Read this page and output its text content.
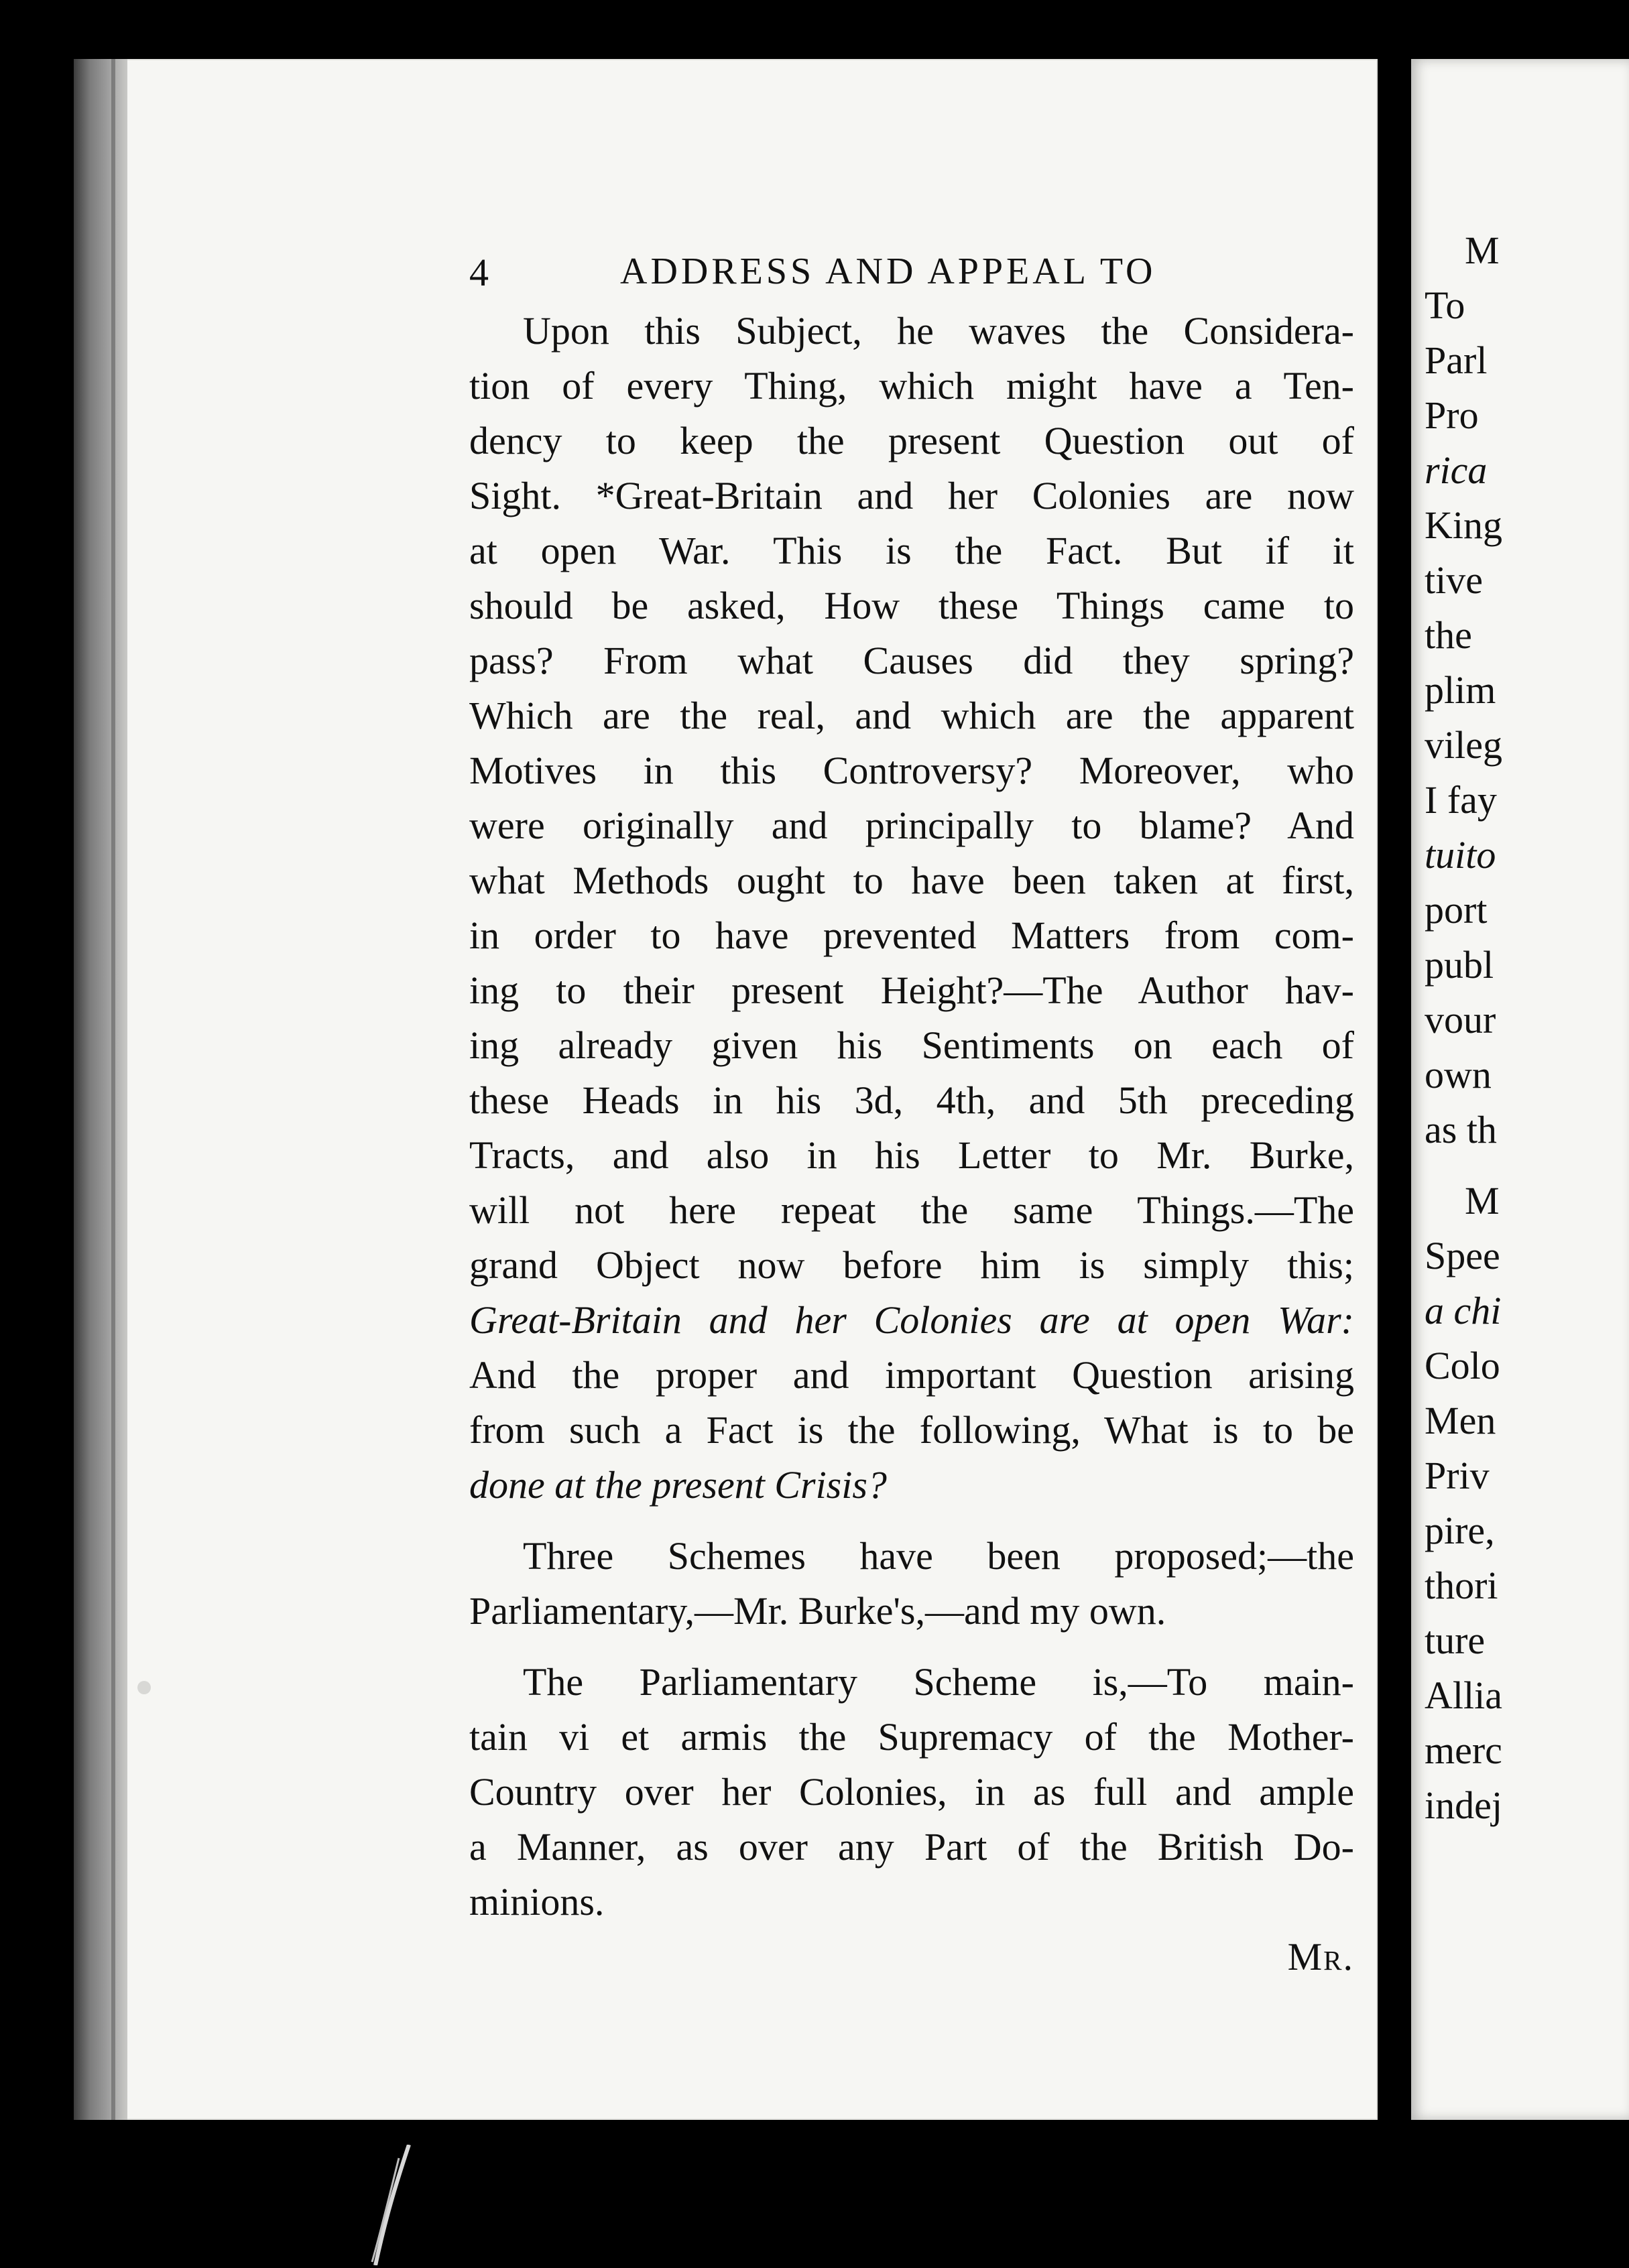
4	ADDRESS AND APPEAL TO
Upon this Subject, he waves the Considera-
tion of every Thing, which might have a Ten-
dency to keep the present Question out of
Sight. *Great-Britain and her Colonies are now
at open War. This is the Fact. But if it
should be asked, How these Things came to
pass? From what Causes did they spring?
Which are the real, and which are the apparent
Motives in this Controversy? Moreover, who
were originally and principally to blame? And
what Methods ought to have been taken at first,
in order to have prevented Matters from com-
ing to their present Height?—The Author hav-
ing already given his Sentiments on each of
these Heads in his 3d, 4th, and 5th preceding
Tracts, and also in his Letter to Mr. Burke,
will not here repeat the same Things.—The
grand Object now before him is simply this;
Great-Britain and her Colonies are at open War:
And the proper and important Question arising
from such a Fact is the following, What is to be
done at the present Crisis?
Three Schemes have been proposed;—the
Parliamentary,—Mr. Burke's,—and my own.
The Parliamentary Scheme is,—To main-
tain vi et armis the Supremacy of the Mother-
Country over her Colonies, in as full and ample
a Manner, as over any Part of the British Do-
minions.
Mr.
M
To
Parl
Pro
rica
King
tive
the
plim
vileg
I fay
tuito
port
publ
vour
own
as th
M
Spee
a chi
Colo
Men
Priv
pire,
thori
ture
Allia
merc
indej
